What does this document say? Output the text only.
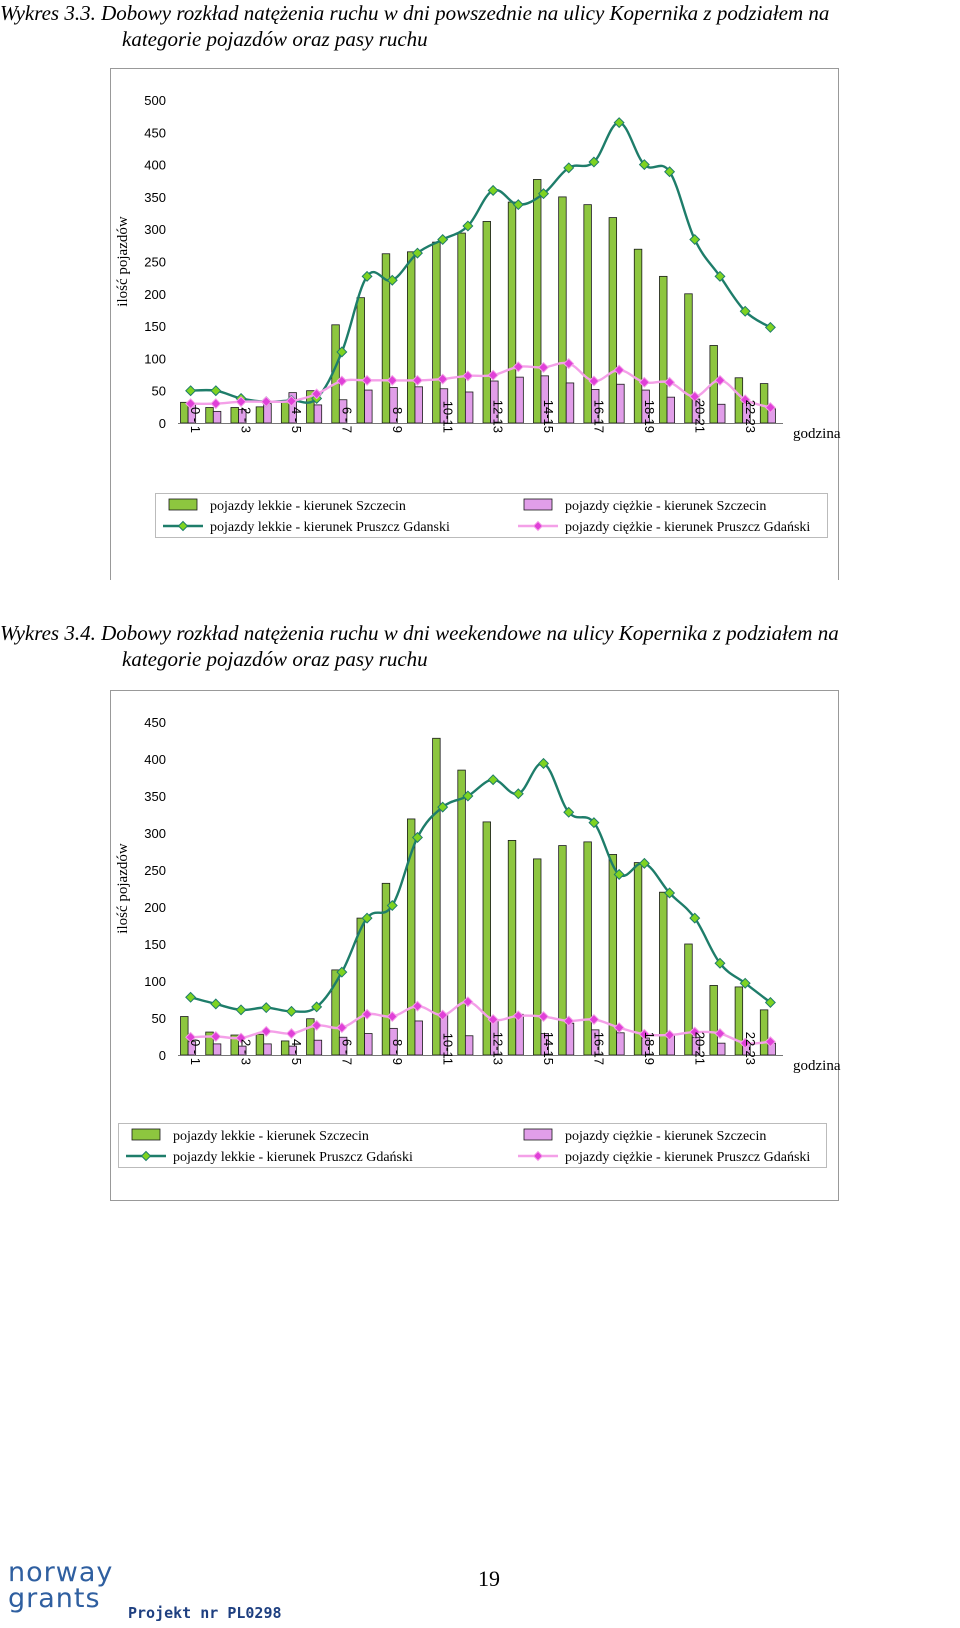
Wykres 3.3. Dobowy rozkład natężenia ruchu w dni powszednie na ulicy Kopernika z podziałem na
kategorie pojazdów oraz pasy ruchu
0
50
100
150
200
250
300
350
400
450
500
ilość pojazdów
0 - 1	2 - 3	4 - 5	6 - 7	8 - 9	10-11	12-13	14-15	16-17	18-19	20-21	22-23
godzina
pojazdy lekkie - kierunek Szczecin	pojazdy ciężkie - kierunek Szczecin
pojazdy lekkie - kierunek Pruszcz Gdanski	pojazdy ciężkie - kierunek Pruszcz Gdański
Wykres 3.4. Dobowy rozkład natężenia ruchu w dni weekendowe na ulicy Kopernika z podziałem na
kategorie pojazdów oraz pasy ruchu
0
50
100
150
200
250
300
350
400
450
ilość pojazdów
0 - 1	2 - 3	4 - 5	6 - 7	8 - 9	10-11	12-13	14-15	16-17	18-19	20-21	22-23
godzina
pojazdy lekkie - kierunek Szczecin	pojazdy ciężkie - kierunek Szczecin
pojazdy lekkie - kierunek Pruszcz Gdański	pojazdy ciężkie - kierunek Pruszcz Gdański
norway
grants	Projekt nr PL0298
19
